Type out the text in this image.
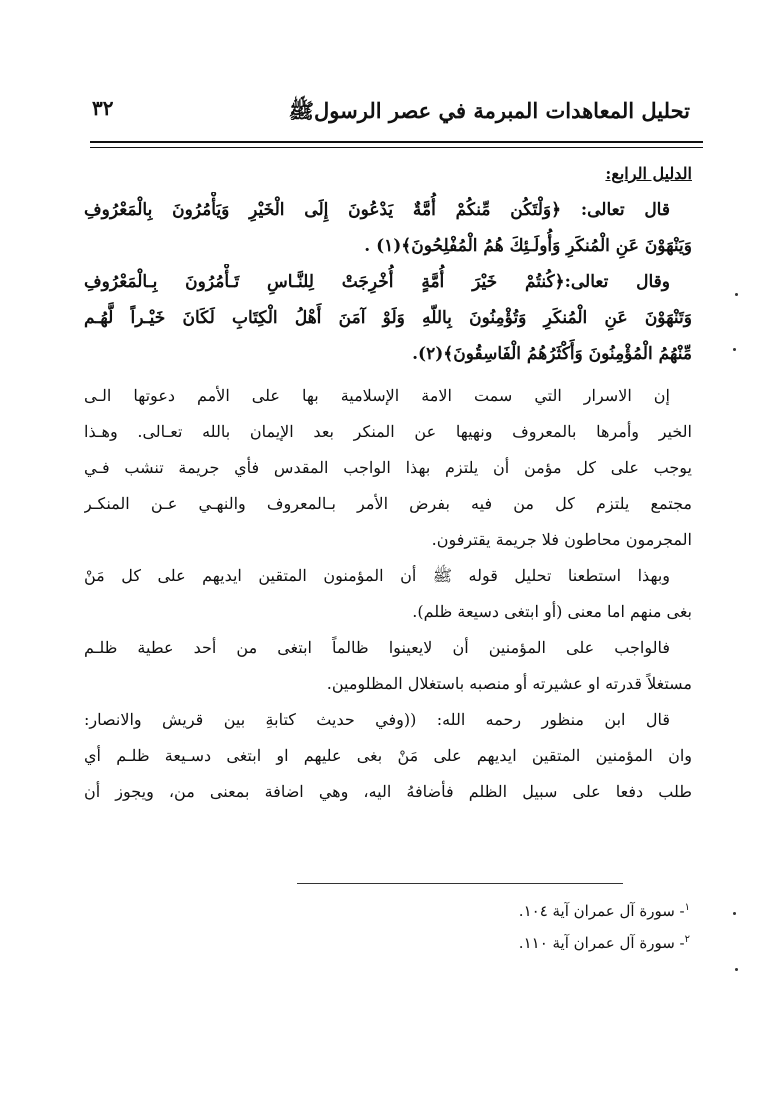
تحليل المعاهدات المبرمة في عصر الرسولﷺ
٣٢
الدليل الرابع:
قال تعالى: ﴿وَلْتَكُن مِّنكُمْ أُمَّةٌ يَدْعُونَ إِلَى الْخَيْرِ وَيَأْمُرُونَ بِالْمَعْرُوفِ
وَيَنْهَوْنَ عَنِ الْمُنكَرِ وَأُولَـئِكَ هُمُ الْمُفْلِحُونَ﴾(١) .
وقال تعالى:﴿كُنتُمْ خَيْرَ أُمَّةٍ أُخْرِجَتْ لِلنَّـاسِ تَـأْمُرُونَ بِـالْمَعْرُوفِ
وَتَنْهَوْنَ عَنِ الْمُنكَرِ وَتُؤْمِنُونَ بِاللّهِ وَلَوْ آمَنَ أَهْلُ الْكِتَابِ لَكَانَ خَيْـراً لَّهُـم
مِّنْهُمُ الْمُؤْمِنُونَ وَأَكْثَرُهُمُ الْفَاسِقُونَ﴾(٢).
إن الاسرار التي سمت الامة الإسلامية بها على الأمم دعوتها الـى
الخير وأمرها بالمعروف ونهيها عن المنكر بعد الإيمان بالله تعـالى. وهـذا
يوجب على كل مؤمن أن يلتزم بهذا الواجب المقدس فأي جريمة تنشب فـي
مجتمع يلتزم كل من فيه بفرض الأمر بـالمعروف والنهـي عـن المنكـر
المجرمون محاطون فلا جريمة يقترفون.
وبهذا استطعنا تحليل قوله ﷺ أن المؤمنون المتقين ايديهم على كل مَنْ
بغى منهم اما معنى (أو ابتغى دسيعة ظلم).
فالواجب على المؤمنين أن لايعينوا ظالماً ابتغى من أحد عطية ظلـم
مستغلاً قدرته او عشيرته أو منصبه باستغلال المظلومين.
قال ابن منظور رحمه الله: ((وفي حديث كتابةِ بين قريش والانصار:
وان المؤمنين المتقين ايديهم على مَنْ بغى عليهم او ابتغى دسـيعة ظلـم أي
طلب دفعا على سبيل الظلم فأضافهُ اليه، وهي اضافة بمعنى من، ويجوز أن
$^١$- سورة آل عمران آية ١٠٤.
$^٢$- سورة آل عمران آية ١١٠.
